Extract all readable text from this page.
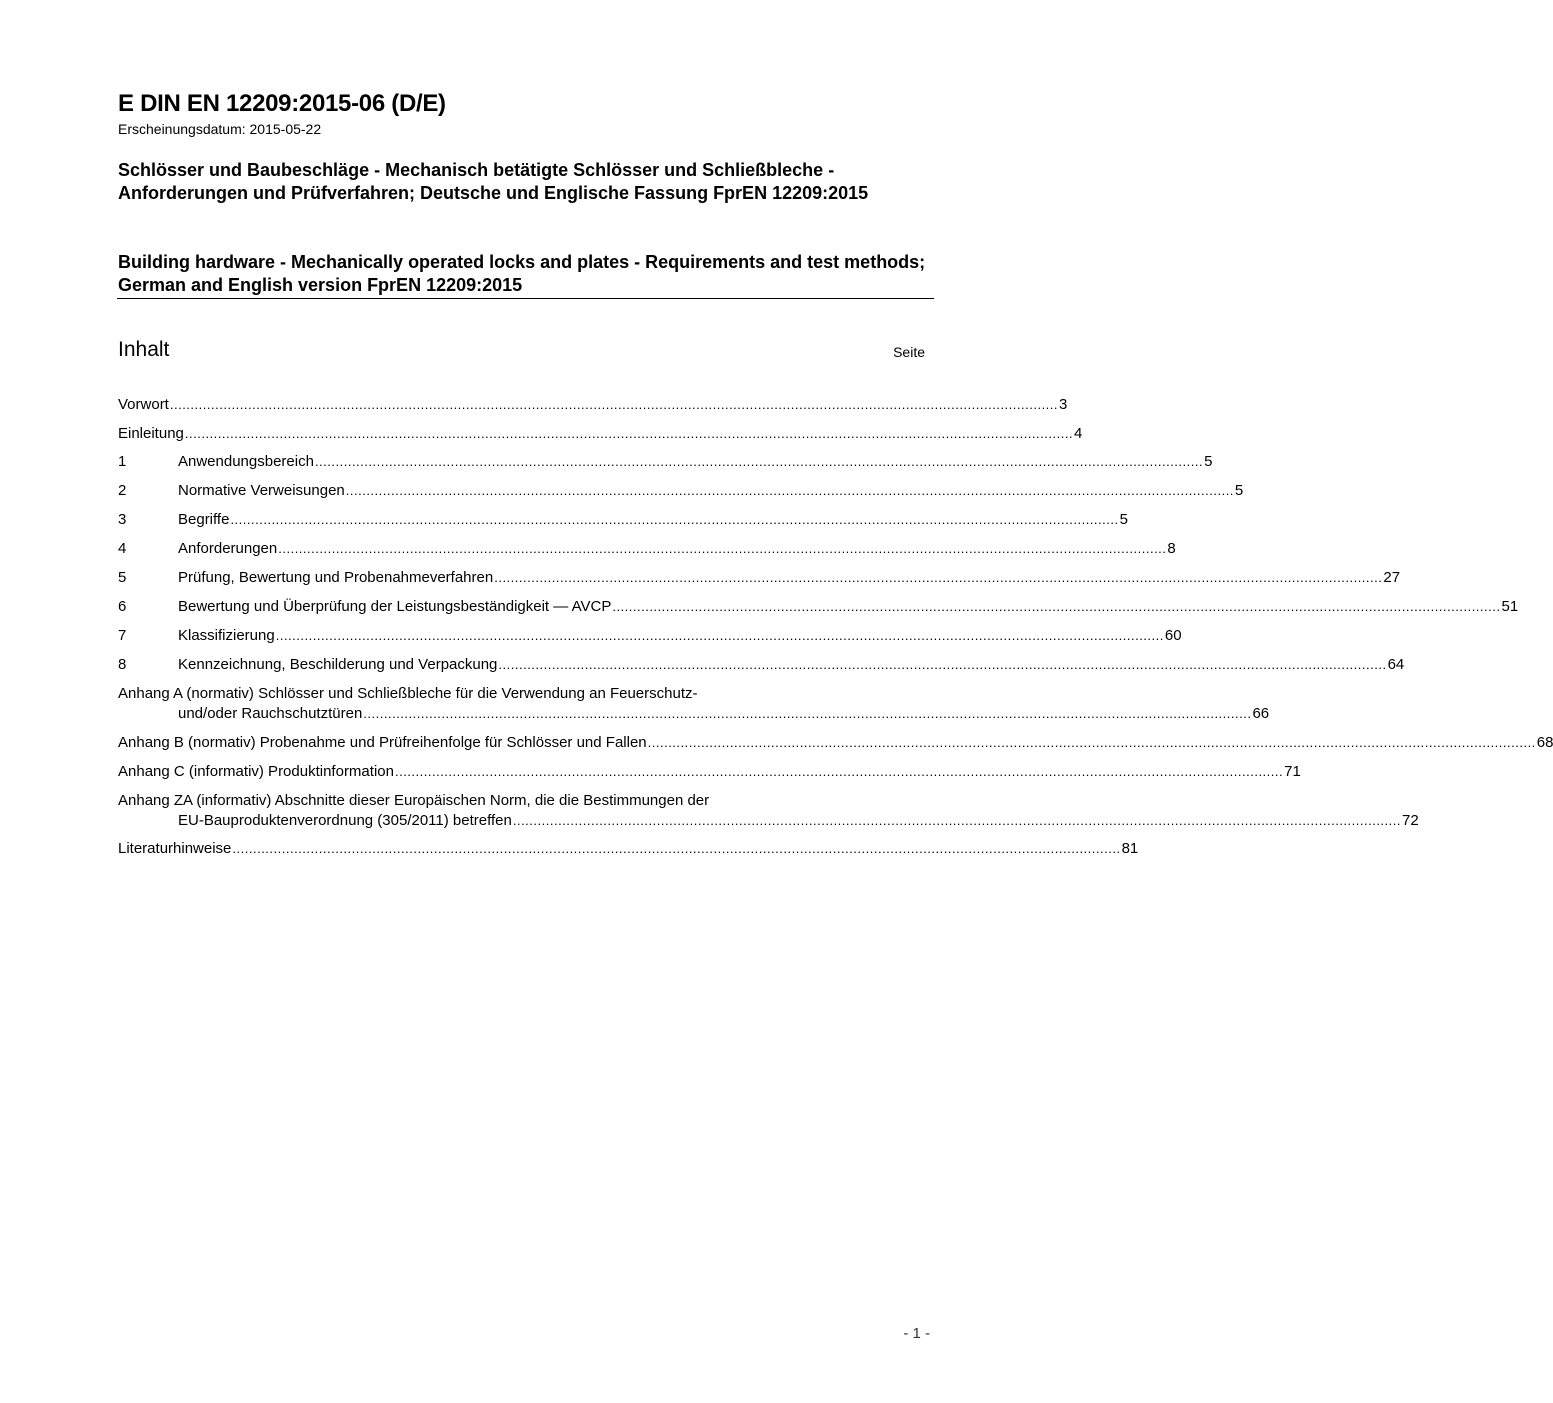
E DIN EN 12209:2015-06 (D/E)
Erscheinungsdatum: 2015-05-22
Schlösser und Baubeschläge - Mechanisch betätigte Schlösser und Schließbleche - Anforderungen und Prüfverfahren; Deutsche und Englische Fassung FprEN 12209:2015
Building hardware - Mechanically operated locks and plates - Requirements and test methods; German and English version FprEN 12209:2015
Inhalt	Seite
Vorwort ........................................................................................................................................................................................................................ 3
Einleitung ........................................................................................................................................................................................................................ 4
1	Anwendungsbereich ........................................................................................................................................................................................................................ 5
2	Normative Verweisungen ........................................................................................................................................................................................................................ 5
3	Begriffe ........................................................................................................................................................................................................................ 5
4	Anforderungen ........................................................................................................................................................................................................................ 8
5	Prüfung, Bewertung und Probenahmeverfahren ........................................................................................................................................................................................................................ 27
6	Bewertung und Überprüfung der Leistungsbeständigkeit — AVCP ........................................................................................................................................................................................................................ 51
7	Klassifizierung ........................................................................................................................................................................................................................ 60
8	Kennzeichnung, Beschilderung und Verpackung ........................................................................................................................................................................................................................ 64
Anhang A (normativ) Schlösser und Schließbleche für die Verwendung an Feuerschutz-
und/oder Rauchschutztüren ........................................................................................................................................................................................................................ 66
Anhang B (normativ) Probenahme und Prüfreihenfolge für Schlösser und Fallen ........................................................................................................................................................................................................................ 68
Anhang C (informativ) Produktinformation ........................................................................................................................................................................................................................ 71
Anhang ZA (informativ) Abschnitte dieser Europäischen Norm, die die Bestimmungen der
EU-Bauproduktenverordnung (305/2011) betreffen ........................................................................................................................................................................................................................ 72
Literaturhinweise ........................................................................................................................................................................................................................ 81
- 1 -
